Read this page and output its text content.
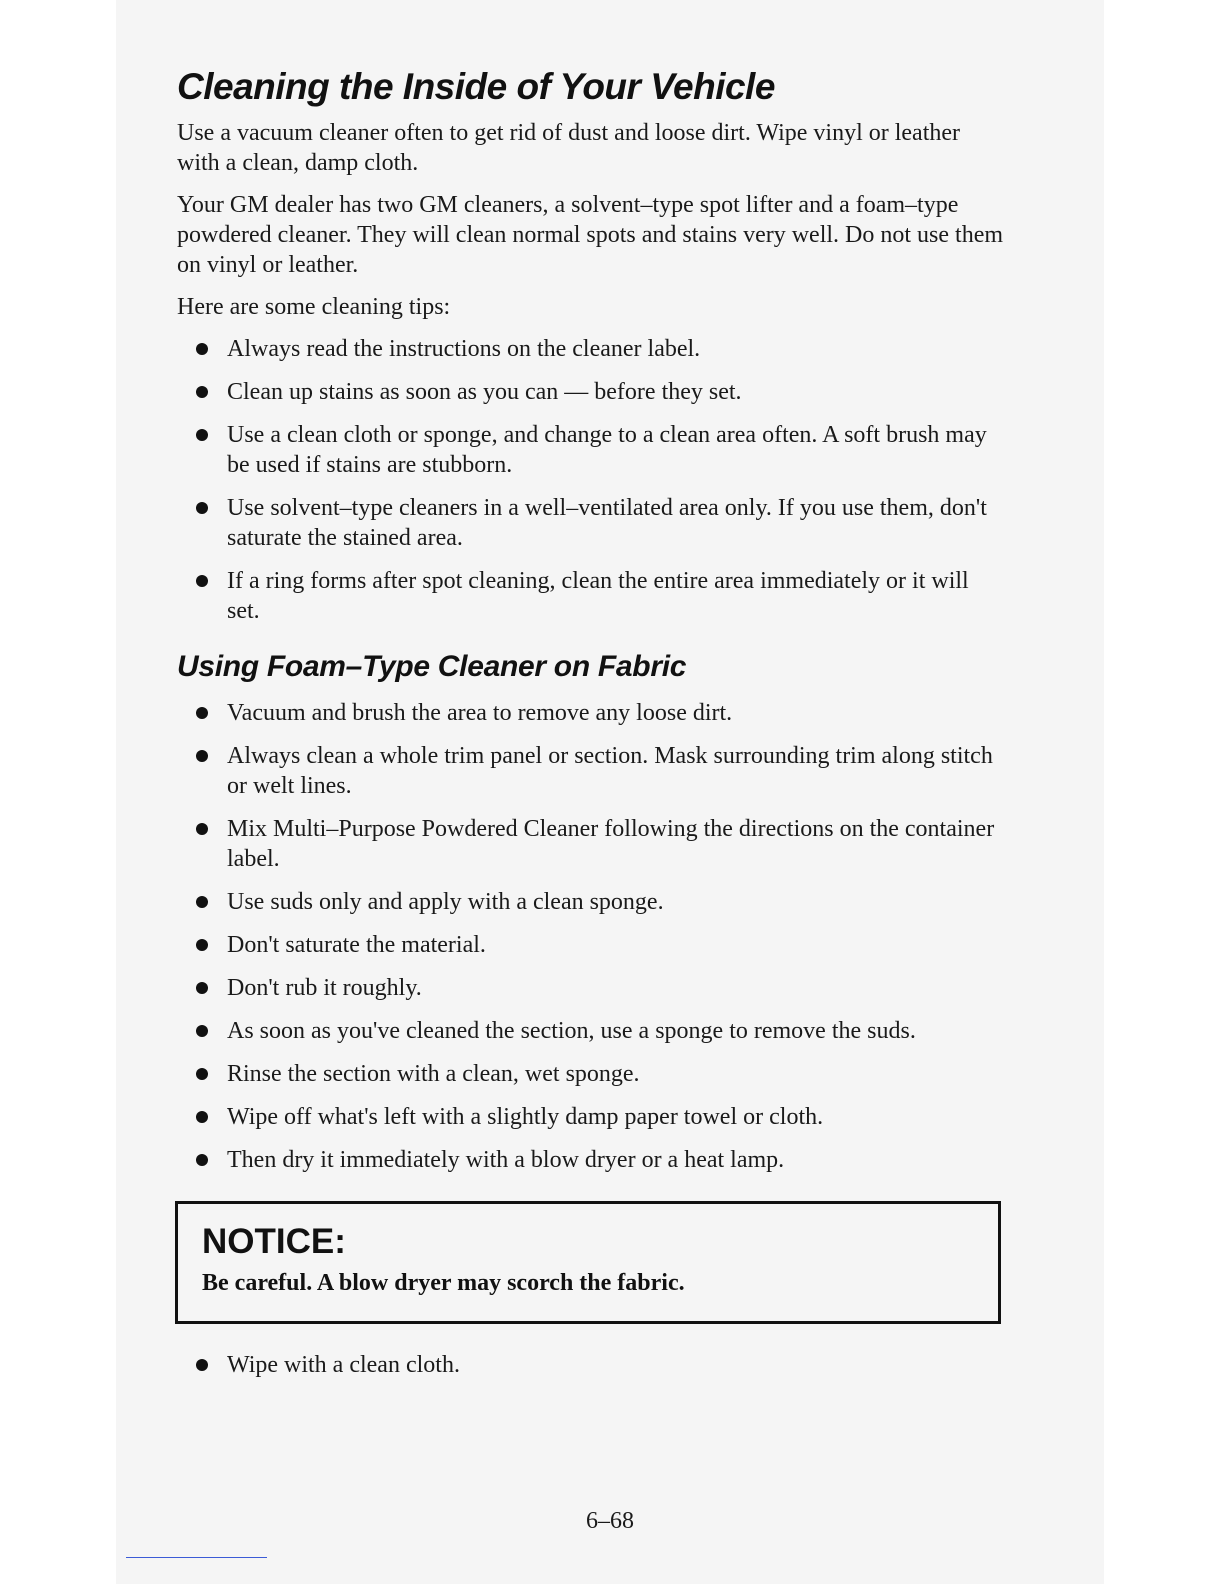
Cleaning the Inside of Your Vehicle

Use a vacuum cleaner often to get rid of dust and loose dirt. Wipe vinyl or leather with a clean, damp cloth.

Your GM dealer has two GM cleaners, a solvent–type spot lifter and a foam–type powdered cleaner. They will clean normal spots and stains very well. Do not use them on vinyl or leather.

Here are some cleaning tips:

Always read the instructions on the cleaner label.
Clean up stains as soon as you can — before they set.
Use a clean cloth or sponge, and change to a clean area often. A soft brush may be used if stains are stubborn.
Use solvent–type cleaners in a well–ventilated area only. If you use them, don't saturate the stained area.
If a ring forms after spot cleaning, clean the entire area immediately or it will set.
Using Foam–Type Cleaner on Fabric
Vacuum and brush the area to remove any loose dirt.
Always clean a whole trim panel or section. Mask surrounding trim along stitch or welt lines.
Mix Multi–Purpose Powdered Cleaner following the directions on the container label.
Use suds only and apply with a clean sponge.
Don't saturate the material.
Don't rub it roughly.
As soon as you've cleaned the section, use a sponge to remove the suds.
Rinse the section with a clean, wet sponge.
Wipe off what's left with a slightly damp paper towel or cloth.
Then dry it immediately with a blow dryer or a heat lamp.
NOTICE:
Be careful. A blow dryer may scorch the fabric.
Wipe with a clean cloth.
6–68
